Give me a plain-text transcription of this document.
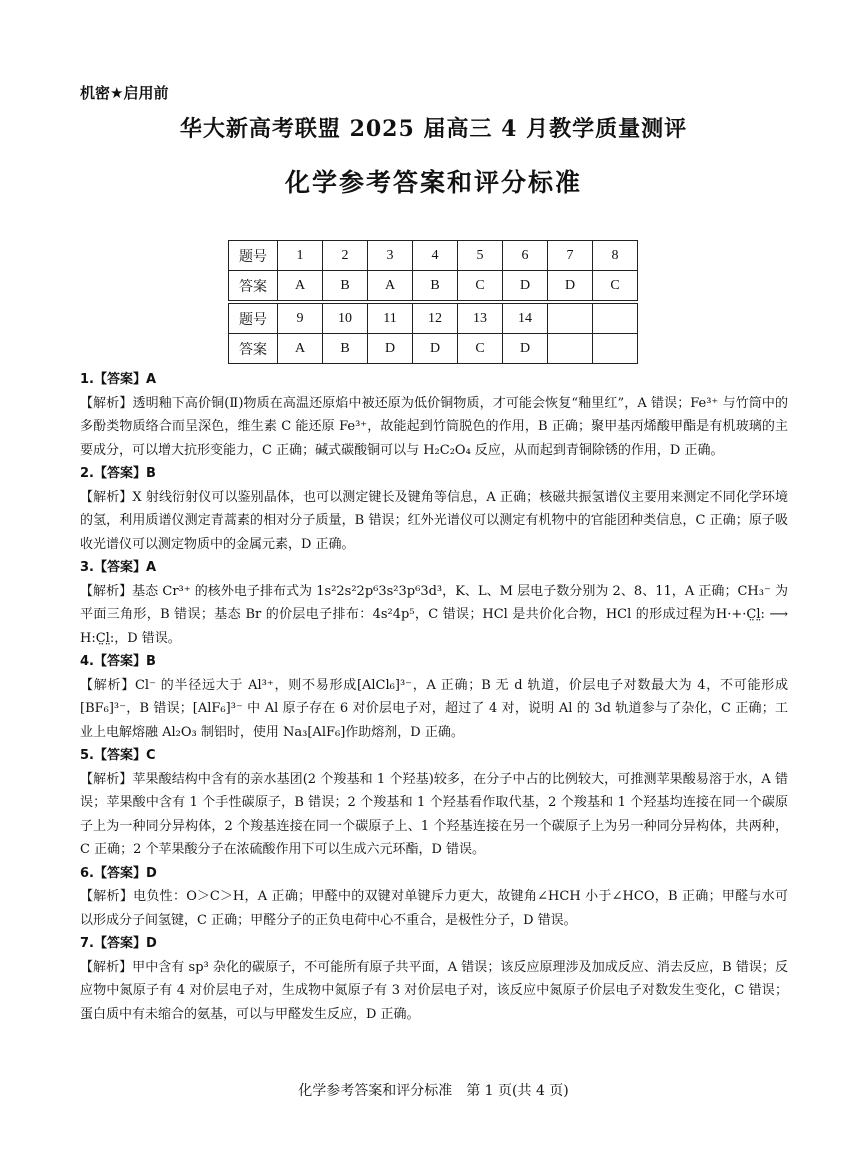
机密★启用前
华大新高考联盟 2025 届高三 4 月教学质量测评
化学参考答案和评分标准
题号	1	2	3	4	5	6	7	8
答案	A	B	A	B	C	D	D	C

题号	9	10	11	12	13	14		
答案	A	B	D	D	C	D		
1.【答案】A
【解析】透明釉下高价铜(Ⅱ)物质在高温还原焰中被还原为低价铜物质，才可能会恢复“釉里红”，A 错误；Fe³⁺ 与竹筒中的多酚类物质络合而呈深色，维生素 C 能还原 Fe³⁺，故能起到竹筒脱色的作用，B 正确；聚甲基丙烯酸甲酯是有机玻璃的主要成分，可以增大抗形变能力，C 正确；碱式碳酸铜可以与 H₂C₂O₄ 反应，从而起到青铜除锈的作用，D 正确。
2.【答案】B
【解析】X 射线衍射仪可以鉴别晶体，也可以测定键长及键角等信息，A 正确；核磁共振氢谱仪主要用来测定不同化学环境的氢，利用质谱仪测定青蒿素的相对分子质量，B 错误；红外光谱仪可以测定有机物中的官能团种类信息，C 正确；原子吸收光谱仪可以测定物质中的金属元素，D 正确。
3.【答案】A
【解析】基态 Cr³⁺ 的核外电子排布式为 1s²2s²2p⁶3s²3p⁶3d³，K、L、M 层电子数分别为 2、8、11，A 正确；CH₃⁻ 为平面三角形，B 错误；基态 Br 的价层电子排布：4s²4p⁵，C 错误；HCl 是共价化合物，HCl 的形成过程为H·+·C̤l̤: ⟶ H:C̤l̤:，D 错误。
4.【答案】B
【解析】Cl⁻ 的半径远大于 Al³⁺，则不易形成[AlCl₆]³⁻，A 正确；B 无 d 轨道，价层电子对数最大为 4，不可能形成[BF₆]³⁻，B 错误；[AlF₆]³⁻ 中 Al 原子存在 6 对价层电子对，超过了 4 对，说明 Al 的 3d 轨道参与了杂化，C 正确；工业上电解熔融 Al₂O₃ 制铝时，使用 Na₃[AlF₆]作助熔剂，D 正确。
5.【答案】C
【解析】苹果酸结构中含有的亲水基团(2 个羧基和 1 个羟基)较多，在分子中占的比例较大，可推测苹果酸易溶于水，A 错误；苹果酸中含有 1 个手性碳原子，B 错误；2 个羧基和 1 个羟基看作取代基，2 个羧基和 1 个羟基均连接在同一个碳原子上为一种同分异构体，2 个羧基连接在同一个碳原子上、1 个羟基连接在另一个碳原子上为另一种同分异构体，共两种，C 正确；2 个苹果酸分子在浓硫酸作用下可以生成六元环酯，D 错误。
6.【答案】D
【解析】电负性：O＞C＞H，A 正确；甲醛中的双键对单键斥力更大，故键角∠HCH 小于∠HCO，B 正确；甲醛与水可以形成分子间氢键，C 正确；甲醛分子的正负电荷中心不重合，是极性分子，D 错误。
7.【答案】D
【解析】甲中含有 sp³ 杂化的碳原子，不可能所有原子共平面，A 错误；该反应原理涉及加成反应、消去反应，B 错误；反应物中氮原子有 4 对价层电子对，生成物中氮原子有 3 对价层电子对，该反应中氮原子价层电子对数发生变化，C 错误；蛋白质中有未缩合的氨基，可以与甲醛发生反应，D 正确。
化学参考答案和评分标准　第 1 页(共 4 页)
